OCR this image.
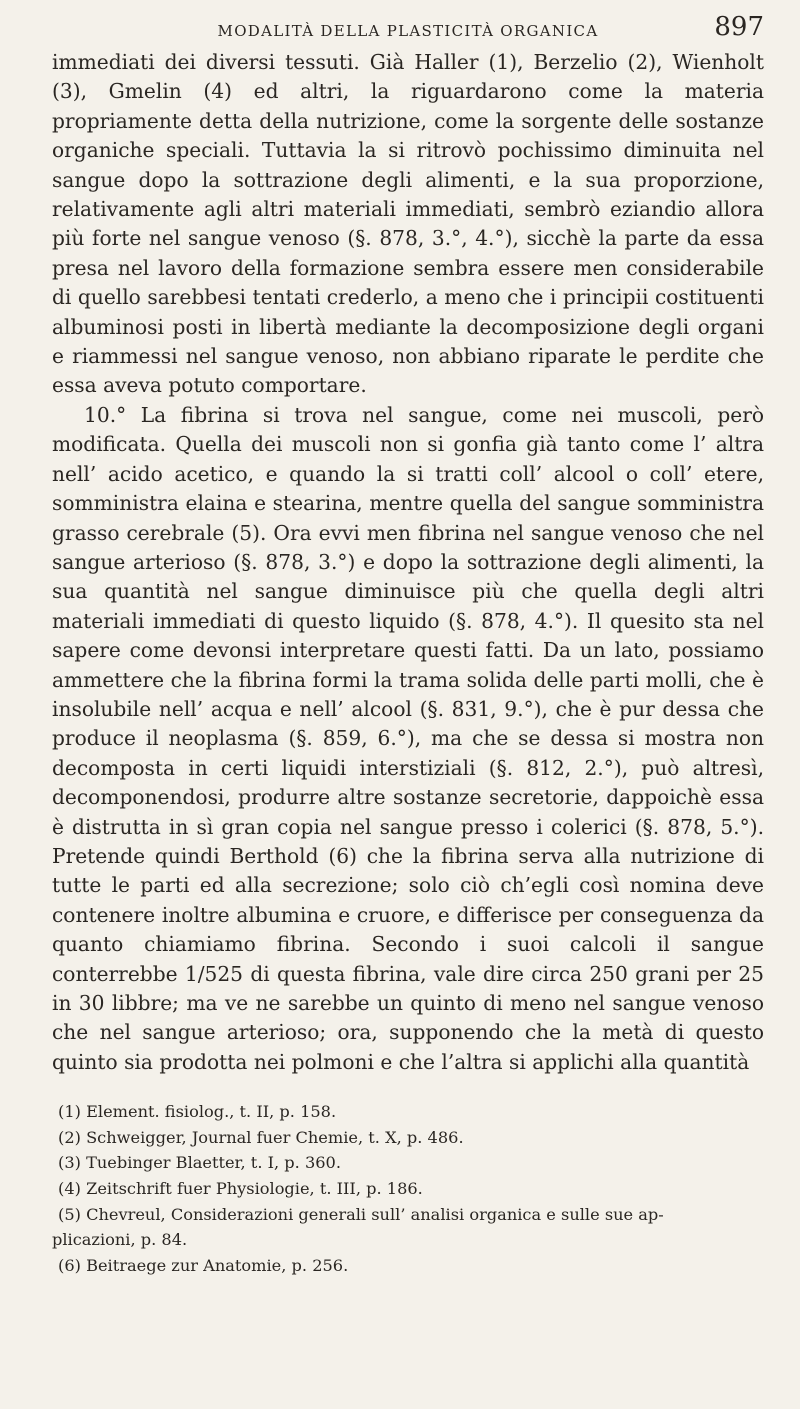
MODALITÀ DELLA PLASTICITÀ ORGANICA	897

immediati dei diversi tessuti. Già Haller (1), Berzelio (2), Wienholt (3), Gmelin (4) ed altri, la riguardarono come la materia propriamente detta della nutrizione, come la sorgente delle sostanze organiche speciali. Tuttavia la si ritrovò pochissimo diminuita nel sangue dopo la sottrazione degli alimenti, e la sua proporzione, relativamente agli altri materiali immediati, sembrò eziandio allora più forte nel sangue venoso (§. 878, 3.°, 4.°), sicchè la parte da essa presa nel lavoro della formazione sembra essere men considerabile di quello sarebbesi tentati crederlo, a meno che i principii costituenti albuminosi posti in libertà mediante la decomposizione degli organi e riammessi nel sangue venoso, non abbiano riparate le perdite che essa aveva potuto comportare.

10.° La fibrina si trova nel sangue, come nei muscoli, però modificata. Quella dei muscoli non si gonfia già tanto come l’ altra nell’ acido acetico, e quando la si tratti coll’ alcool o coll’ etere, somministra elaina e stearina, mentre quella del sangue somministra grasso cerebrale (5). Ora evvi men fibrina nel sangue venoso che nel sangue arterioso (§. 878, 3.°) e dopo la sottrazione degli alimenti, la sua quantità nel sangue diminuisce più che quella degli altri materiali immediati di questo liquido (§. 878, 4.°). Il quesito sta nel sapere come devonsi interpretare questi fatti. Da un lato, possiamo ammettere che la fibrina formi la trama solida delle parti molli, che è insolubile nell’ acqua e nell’ alcool (§. 831, 9.°), che è pur dessa che produce il neoplasma (§. 859, 6.°), ma che se dessa si mostra non decomposta in certi liquidi interstiziali (§. 812, 2.°), può altresì, decomponendosi, produrre altre sostanze secretorie, dappoichè essa è distrutta in sì gran copia nel sangue presso i colerici (§. 878, 5.°). Pretende quindi Berthold (6) che la fibrina serva alla nutrizione di tutte le parti ed alla secrezione; solo ciò ch’egli così nomina deve contenere inoltre albumina e cruore, e differisce per conseguenza da quanto chiamiamo fibrina. Secondo i suoi calcoli il sangue conterrebbe 1/525 di questa fibrina, vale dire circa 250 grani per 25 in 30 libbre; ma ve ne sarebbe un quinto di meno nel sangue venoso che nel sangue arterioso; ora, supponendo che la metà di questo quinto sia prodotta nei polmoni e che l’altra si applichi alla quantità

(1) Element. fisiolog., t. II, p. 158.
(2) Schweigger, Journal fuer Chemie, t. X, p. 486.
(3) Tuebinger Blaetter, t. I, p. 360.
(4) Zeitschrift fuer Physiologie, t. III, p. 186.
(5) Chevreul, Considerazioni generali sull’ analisi organica e sulle sue ap-
plicazioni, p. 84.
(6) Beitraege zur Anatomie, p. 256.
